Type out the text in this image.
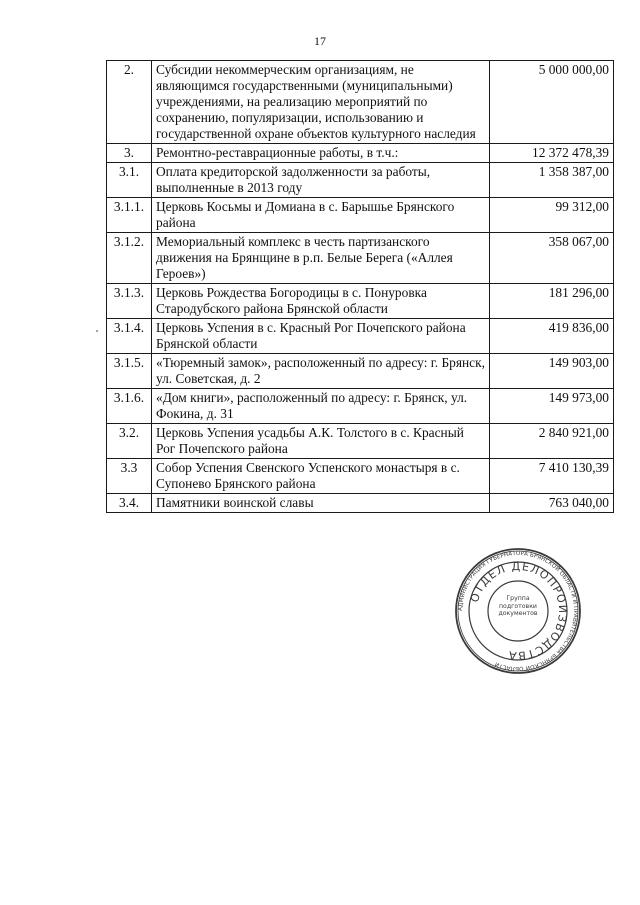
17
2.	Субсидии некоммерческим организациям, не являющимся государственными (муниципальными) учреждениями, на реализацию мероприятий по сохранению, популяризации, использованию и государственной охране объектов культурного наследия	5 000 000,00
3.	Ремонтно-реставрационные работы, в т.ч.:	12 372 478,39
3.1.	Оплата кредиторской задолженности за работы, выполненные в 2013 году	1 358 387,00
3.1.1.	Церковь Косьмы и Домиана в с. Барышье Брянского района	99 312,00
3.1.2.	Мемориальный комплекс в честь партизанского движения на Брянщине в р.п. Белые Берега («Аллея Героев»)	358 067,00
3.1.3.	Церковь Рождества Богородицы в с. Понуровка Стародубского района Брянской области	181 296,00
3.1.4.	Церковь Успения в с. Красный Рог Почепского района Брянской области	419 836,00
3.1.5.	«Тюремный замок», расположенный по адресу: г. Брянск, ул. Советская, д. 2	149 903,00
3.1.6.	«Дом книги», расположенный по адресу: г. Брянск, ул. Фокина, д. 31	149 973,00
3.2.	Церковь Успения усадьбы А.К. Толстого в с. Красный Рог Почепского района	2 840 921,00
3.3	Собор Успения Свенского Успенского монастыря в с. Супонево Брянского района	7 410 130,39
3.4.	Памятники воинской славы	763 040,00
АДМИНИСТРАЦИЯ ГУБЕРНАТОРА БРЯНСКОЙ ОБЛАСТИ И ПРАВИТЕЛЬСТВА БРЯНСКОЙ ОБЛАСТИ
ОТДЕЛ ДЕЛОПРОИЗВОДСТВА
Группа подготовки документов
